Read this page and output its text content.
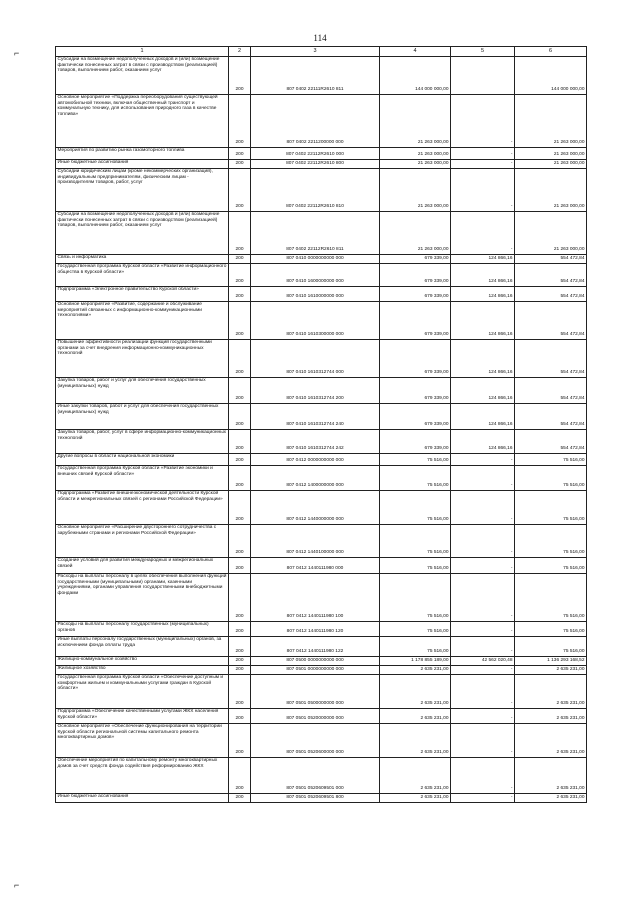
114
⌐
⌐
1	2	3	4	5	6
Субсидии на возмещение недополученных доходов и (или) возмещение фактически понесенных затрат в связи с производством (реализацией) товаров, выполнением работ, оказанием услуг	200	807 0402 22111R2610 811	144 000 000,00		144 000 000,00
Основное мероприятие «Поддержка переоборудования существующей автомобильной техники, включая общественный транспорт и коммунальную технику, для использования природного газа в качестве топлива»	200	807 0402 2211200000 000	21 263 000,00	-	21 263 000,00
Мероприятия по развитию рынка газомоторного топлива	200	807 0402 22112R2610 000	21 263 000,00	-	21 263 000,00
Иные бюджетные ассигнования	200	807 0402 22112R2610 800	21 263 000,00	-	21 263 000,00
Субсидии юридическим лицам (кроме некоммерческих организаций), индивидуальным предпринимателям, физическим лицам - производителям товаров, работ, услуг	200	807 0402 22112R2610 810	21 263 000,00	-	21 263 000,00
Субсидии на возмещение недополученных доходов и (или) возмещение фактически понесенных затрат в связи с производством (реализацией) товаров, выполнением работ, оказанием услуг	200	807 0402 22112R2610 811	21 263 000,00	-	21 263 000,00
Связь и информатика	200	807 0410 0000000000 000	679 339,00	124 866,16	554 472,84
Государственная программа Курской области «Развитие информационного общества в Курской области»	200	807 0410 1600000000 000	679 339,00	124 866,16	554 472,84
Подпрограмма «Электронное правительство Курской области»	200	807 0410 1610000000 000	679 339,00	124 866,16	554 472,84
Основное мероприятие «Развитие, содержание и обслуживание мероприятий связанных с информационно-коммуникационными технологиями»	200	807 0410 1610300000 000	679 339,00	124 866,16	554 472,84
Повышение эффективности реализации функций государственными органами за счет внедрения информационно-коммуникационных технологий	200	807 0410 1610312744 000	679 339,00	124 866,16	554 472,84
Закупка товаров, работ и услуг для обеспечения государственных (муниципальных) нужд	200	807 0410 1610312744 200	679 339,00	124 866,16	554 472,84
Иные закупки товаров, работ и услуг для обеспечения государственных (муниципальных) нужд	200	807 0410 1610312744 240	679 339,00	124 866,16	554 472,84
Закупка товаров, работ, услуг в сфере информационно-коммуникационных технологий	200	807 0410 1610312744 242	679 339,00	124 866,16	554 472,84
Другие вопросы в области национальной экономики	200	807 0412 0000000000 000	75 516,00	-	75 516,00
Государственная программа Курской области «Развитие экономики и внешних связей Курской области»	200	807 0412 1400000000 000	75 516,00	-	75 516,00
Подпрограмма «Развитие внешнеэкономической деятельности Курской области и межрегиональных связей с регионами Российской Федерации»	200	807 0412 1440000000 000	75 516,00	-	75 516,00
Основное мероприятие «Расширение двустороннего сотрудничества с зарубежными странами и регионами Российской Федерации»	200	807 0412 1440100000 000	75 516,00	-	75 516,00
Создание условий для развития международных и межрегиональных связей	200	807 0412 1440111980 000	75 516,00	-	75 516,00
Расходы на выплаты персоналу в целях обеспечения выполнения функций государственными (муниципальными) органами, казенными учреждениями, органами управления государственными внебюджетными фондами	200	807 0412 1440111980 100	75 516,00	-	75 516,00
Расходы на выплаты персоналу государственных (муниципальных) органов	200	807 0412 1440111980 120	75 516,00	-	75 516,00
Иные выплаты персоналу государственных (муниципальных) органов, за исключением фонда оплаты труда	200	807 0412 1440111980 122	75 516,00	-	75 516,00
Жилищно-коммунальное хозяйство	200	807 0500 0000000000 000	1 178 855 189,00	42 562 020,48	1 136 293 168,52
Жилищное хозяйство	200	807 0501 0000000000 000	2 635 231,00	-	2 635 231,00
Государственная программа Курской области «Обеспечение доступным и комфортным жильем и коммунальными услугами граждан в Курской области»	200	807 0501 0500000000 000	2 635 231,00	-	2 635 231,00
Подпрограмма «Обеспечение качественными услугами ЖКХ населения Курской области»	200	807 0501 0520000000 000	2 635 231,00	-	2 635 231,00
Основное мероприятие «Обеспечение функционирования на территории Курской области региональной системы капитального ремонта многоквартирных домов»	200	807 0501 0520600000 000	2 635 231,00	-	2 635 231,00
Обеспечение мероприятий по капитальному ремонту многоквартирных домов за счет средств фонда содействия реформированию ЖКХ	200	807 0501 0520609501 000	2 635 231,00	-	2 635 231,00
Иные бюджетные ассигнования	200	807 0501 0520609501 800	2 635 231,00	-	2 635 231,00
